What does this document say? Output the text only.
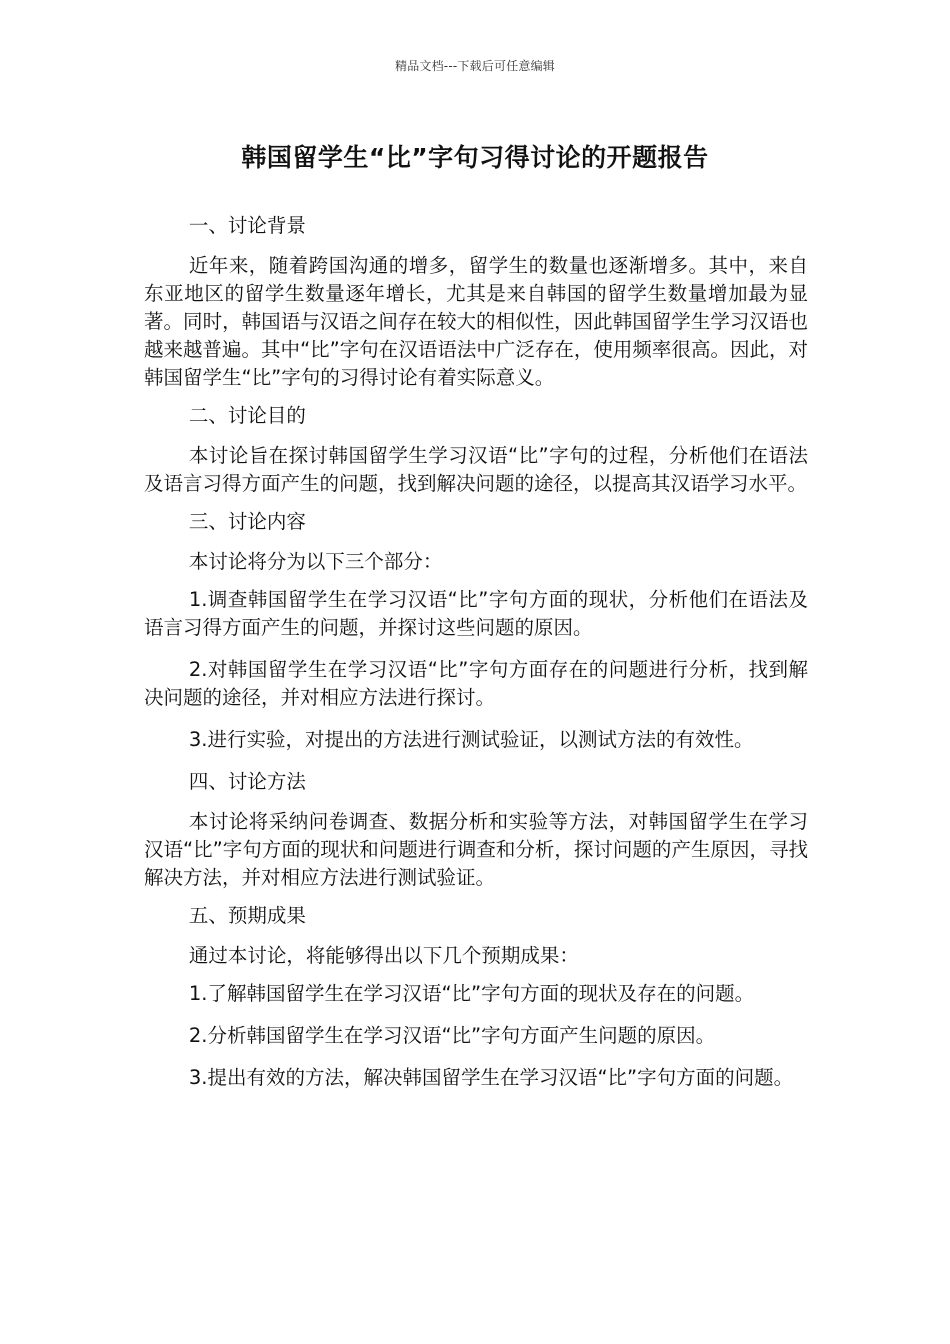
精品文档---下载后可任意编辑
韩国留学生“比”字句习得讨论的开题报告

一、讨论背景

近年来，随着跨国沟通的增多，留学生的数量也逐渐增多。其中，来自东亚地区的留学生数量逐年增长，尤其是来自韩国的留学生数量增加最为显著。同时，韩国语与汉语之间存在较大的相似性，因此韩国留学生学习汉语也越来越普遍。其中“比”字句在汉语语法中广泛存在，使用频率很高。因此，对韩国留学生“比”字句的习得讨论有着实际意义。

二、讨论目的

本讨论旨在探讨韩国留学生学习汉语“比”字句的过程，分析他们在语法及语言习得方面产生的问题，找到解决问题的途径，以提高其汉语学习水平。

三、讨论内容

本讨论将分为以下三个部分：

1.调查韩国留学生在学习汉语“比”字句方面的现状，分析他们在语法及语言习得方面产生的问题，并探讨这些问题的原因。

2.对韩国留学生在学习汉语“比”字句方面存在的问题进行分析，找到解决问题的途径，并对相应方法进行探讨。

3.进行实验，对提出的方法进行测试验证，以测试方法的有效性。

四、讨论方法

本讨论将采纳问卷调查、数据分析和实验等方法，对韩国留学生在学习汉语“比”字句方面的现状和问题进行调查和分析，探讨问题的产生原因，寻找解决方法，并对相应方法进行测试验证。

五、预期成果

通过本讨论，将能够得出以下几个预期成果：

1.了解韩国留学生在学习汉语“比”字句方面的现状及存在的问题。

2.分析韩国留学生在学习汉语“比”字句方面产生问题的原因。

3.提出有效的方法，解决韩国留学生在学习汉语“比”字句方面的问题。
